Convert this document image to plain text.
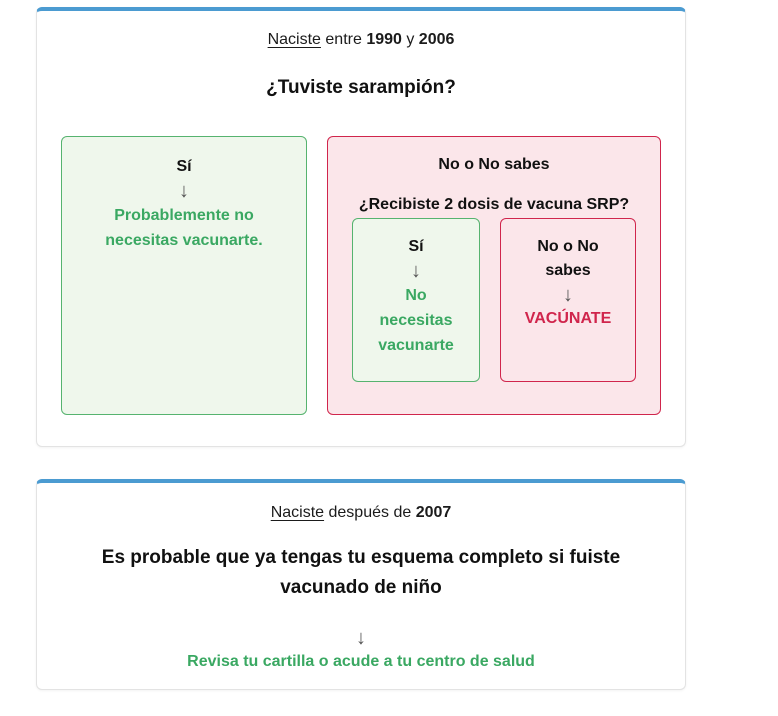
Naciste entre 1990 y 2006
¿Tuviste sarampión?
Sí
↓
Probablemente no
necesitas vacunarte.
No o No sabes
¿Recibiste 2 dosis de vacuna SRP?
Sí
↓
No
necesitas
vacunarte
No o No
sabes
↓
VACÚNATE
Naciste después de 2007
Es probable que ya tengas tu esquema completo si fuiste
vacunado de niño
↓
Revisa tu cartilla o acude a tu centro de salud
